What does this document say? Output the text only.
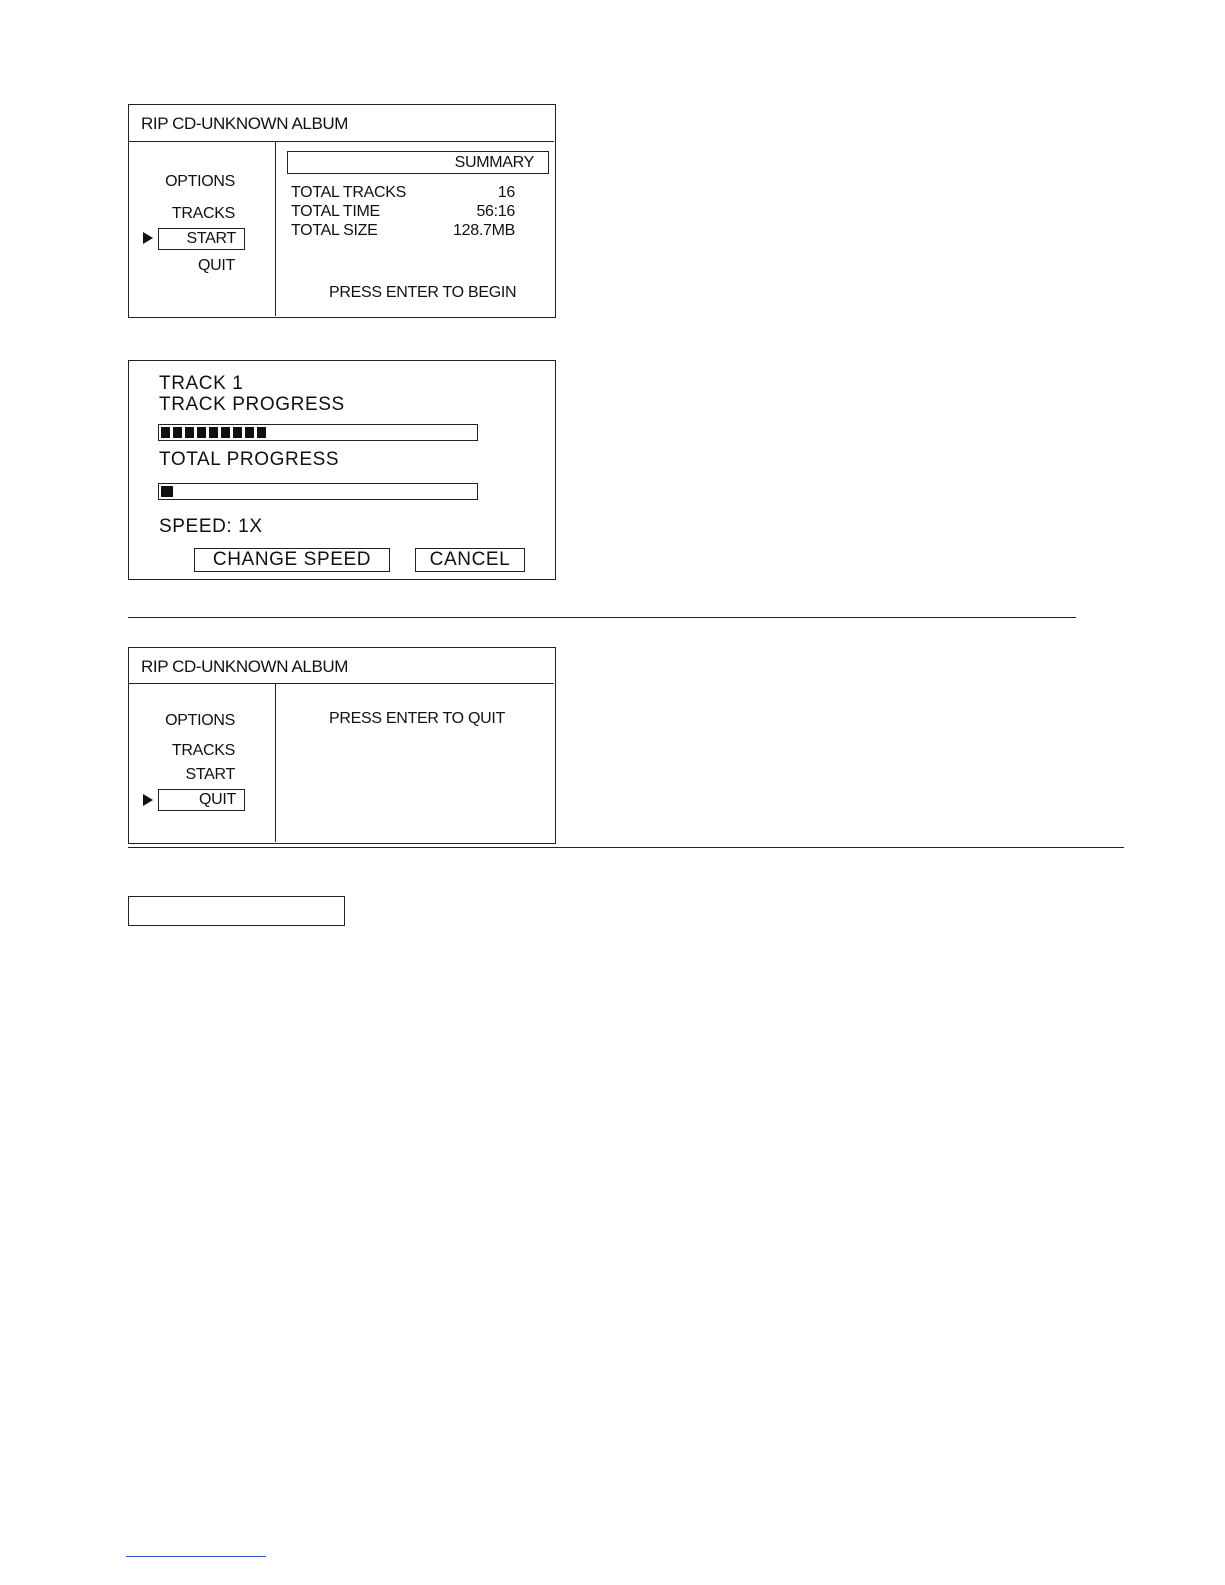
RIP CD-UNKNOWN ALBUM
OPTIONS
TRACKS
START
QUIT
SUMMARY
TOTAL TRACKS	16
TOTAL TIME	56:16
TOTAL SIZE	128.7MB
PRESS ENTER TO BEGIN
TRACK 1
TRACK PROGRESS
TOTAL PROGRESS
SPEED: 1X
CHANGE SPEED	CANCEL
RIP CD-UNKNOWN ALBUM
OPTIONS
TRACKS
START
QUIT
PRESS ENTER TO QUIT
